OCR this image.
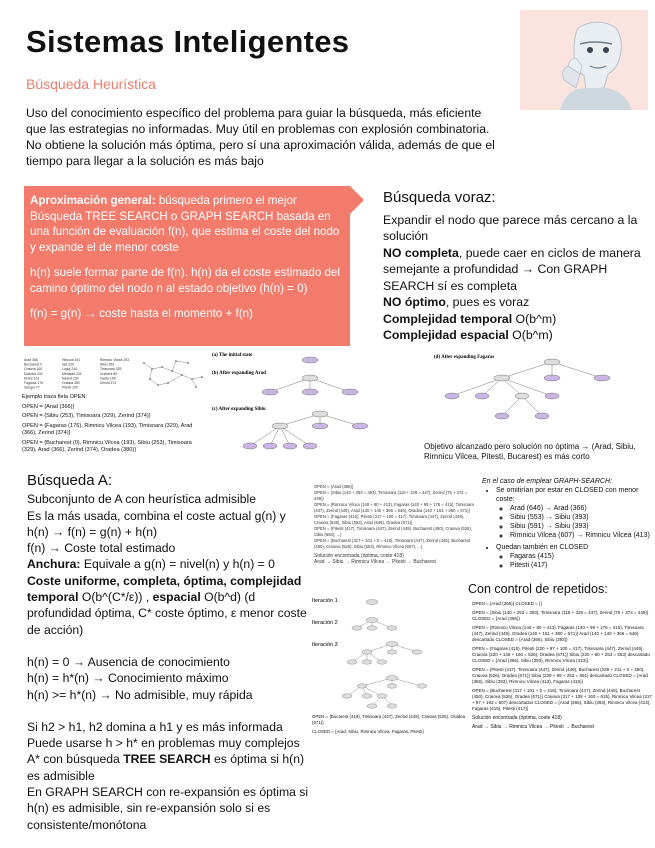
Sistemas Inteligentes
Búsqueda Heurística
Uso del conocimiento específico del problema para guiar la búsqueda, más eficiente
que las estrategias no informadas. Muy útil en problemas con explosión combinatoria.
No obtiene la solución más óptima, pero sí una aproximación válida, además de que el
tiempo para llegar a la solución es más bajo

Aproximación general: búsqueda primero el mejor Búsqueda TREE SEARCH o GRAPH SEARCH basada en una función de evaluación f(n), que estima el coste del nodo y expande el de menor coste

h(n) suele formar parte de f(n). h(n) da el coste estimado del camino óptimo del nodo n al estado objetivo (h(n) = 0)

f(n) = g(n) → coste hasta el momento + f(n)

Búsqueda voraz:
Expandir el nodo que parece más cercano a la solución
NO completa, puede caer en ciclos de manera semejante a profundidad → Con GRAPH SEARCH sí es completa
NO óptimo, pues es voraz
Complejidad temporal O(b^m)
Complejidad espacial O(b^m)
Arad 366
Bucharest 0
Craiova 160
Dobreta 242
Eforie 161
Fagaras 176
Giurgiu 77
Hirsova 151
Iasi 226
Lugoj 244
Mehadia 241
Neamt 234
Oradea 380
Pitesti 100
Rimnicu Vilcea 193
Sibiu 253
Timisoara 329
Urziceni 80
Vaslui 199
Zerind 374

Ejemplo traza fiela OPEN:

OPEN = {Arad (366)}

OPEN = {Sibiu (253), Timisoara (329), Zerind (374)}

OPEN = {Fagaras (176), Rimnicu Vilcea (193), Timisoara (329), Arad (366), Zerind (374)}

OPEN = {Bucharest (0), Rimnicu Vilcea (193), Sibiu (253), Timisoara (329), Arad (366), Zerind (374), Oradea (380)}

(a) The initial state
(b) After expanding Arad
(c) After expanding Sibiu
(d) After expanding Fagaras
Objetivo alcanzado pero solución no óptima → (Arad, Sibiu, Rimnicu Vilcea, Pitesti, Bucarest) es más corto
Búsqueda A:
Subconjunto de A con heurística admisible
Es la más usada, combina el coste actual g(n) y h(n) → f(n) = g(n) + h(n)
f(n) → Coste total estimado
Anchura: Equivale a g(n) = nivel(n) y h(n) = 0
Coste uniforme, completa, óptima, complejidad temporal O(b^(C*/ε)) , espacial O(b^d) (d profundidad óptima, C* coste óptimo, ε menor coste de acción)
h(n) = 0 → Ausencia de conocimiento
h(n) = h*(n) → Conocimiento máximo
h(n) >= h*(n) → No admisible, muy rápida
Si h2 > h1, h2 domina a h1 y es más informada
Puede usarse h > h* en problemas muy complejos
A* con búsqueda TREE SEARCH es óptima si h(n) es admisible
En GRAPH SEARCH con re-expansión es óptima si h(n) es admisible, sin re-expansión solo si es consistente/monótona
OPEN = {Arad (366)}
OPEN = {Sibiu (140 + 253 = 393), Timisoara (118 + 329 = 447), Zerind (75 + 374 = 449)}
OPEN = {Rimnicu Vilcea (140 + 80 + 413), Fagaras (140 + 99 + 176 = 415), Timisoara (447), Zerind (449), Arad (140 + 140 + 366 = 646), Oradea (140 + 151 + 380 = 671)}
OPEN = {Fagaras (415), Pitesti (317 + 100 = 417), Timisoara (447), Zerind (449), Craiova (526), Sibiu (553), Arad (646), Oradea (671)}
OPEN = {Pitesti (417), Timisoara (447), Zerind (449), Bucharest (450), Craiova (526), Sibiu (553), ...}
OPEN = {Bucharest (317 + 101 + 0 = 418), Timisoara (447), Zerind (449), Bucharest (450), Craiova (526), Sibiu (553), Rimnicu Vilcea (607), ...}
Solución encontrada (óptima, coste 418)
Arad → Sibiu → Rimnicu Vilcea → Pitesti → Bucharest
En el caso de emplear GRAPH-SEARCH:
• Se omitirían por estar en CLOSED con menor coste:
◦ Arad (646) → Arad (366)
◦ Sibiu (553) → Sibiu (393)
◦ Sibiu (591) → Sibiu (393)
◦ Rimnicu Vilcea (607) → Rimnicu Vilcea (413)
• Quedan también en CLOSED
◦ Fagaras (415)
◦ Pitesti (417)
Con control de repetidos:

OPEN = {Arad (366)} CLOSED = {}

OPEN = {Sibiu (140 + 253 = 393), Timisoara (118 + 329 = 447), Zerind (75 + 374 = 449)} CLOSED = {Arad (366)}

OPEN = {Rimnicu Vilcea (140 + 80 + 413), Fagaras (140 + 99 + 176 = 415), Timisoara (447), Zerind (449), Oradea (140 + 151 + 380 = 671)} Arad (140 + 140 + 366 = 646) descartado CLOSED = {Arad (366), Sibiu (393)}

OPEN = {Fagaras (415), Pitesti (220 + 97 + 100 = 417), Timisoara (447), Zerind (449), Craiova (220 + 146 + 160 = 526), Oradea (671)} Sibiu (220 + 80 + 253 = 553) descartado CLOSED = {Arad (366), Sibiu (393), Rimnicu Vilcea (413)}

OPEN = {Pitesti (417), Timisoara (447), Zerind (449), Bucharest (239 + 211 + 0 = 450), Craiova (526), Oradea (671)} Sibiu (239 + 99 + 253 = 591) descartado CLOSED = {Arad (366), Sibiu (393), Rimnicu Vilcea (413), Fagaras (415)}

OPEN = {Bucharest (317 + 101 + 0 = 418), Timisoara (447), Zerind (449), Bucharest (450), Craiova (526), Oradea (671)} Craiova (317 + 138 + 160 = 615), Rimnicu Vilcea (317 + 97 + 193 = 607) descartados CLOSED = {Arad (366), Sibiu (393), Rimnicu Vilcea (413), Fagaras (415), Pitesti (417)}

Solución encontrada (óptima, coste 418)

Arad → Sibiu → Rimnicu Vilcea → Pitesti → Bucharest

Iteración 1
Iteración 2
Iteración 3
OPEN = {Bucarest (418), Timisoara (447), Zerind (449), Craiova (526), Oradea (671)}
CLOSED = {Arad, Sibiu, Rimnicu Vilcea, Fagaras, Pitesti}
